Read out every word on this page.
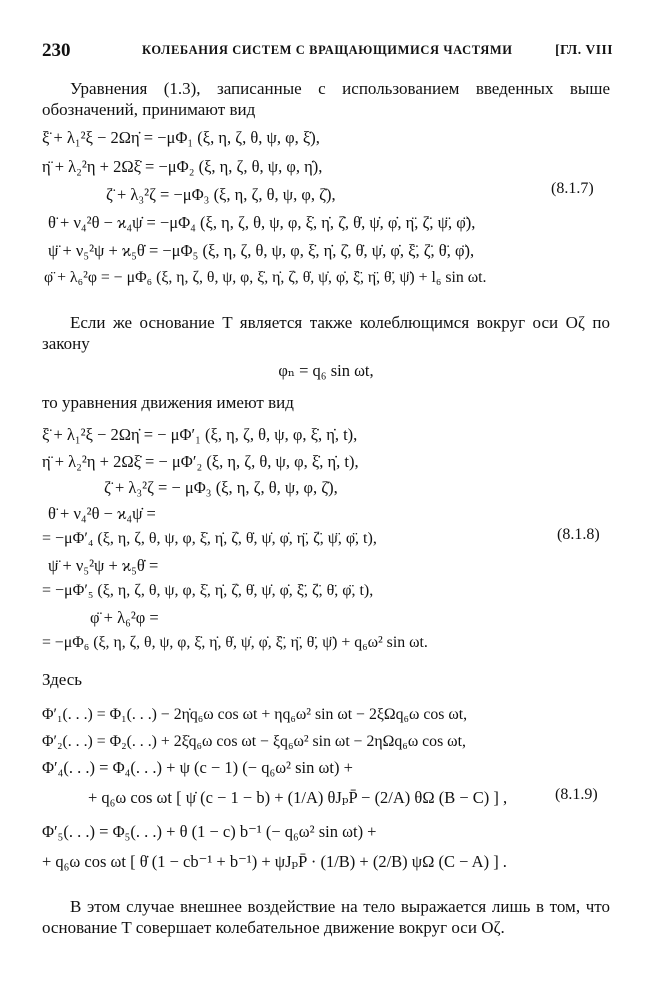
230	КОЛЕБАНИЯ СИСТЕМ С ВРАЩАЮЩИМИСЯ ЧАСТЯМИ	[ГЛ. VIII
Уравнения (1.3), записанные с использованием введенных выше обозначений, принимают вид
ξ̈ + λ₁²ξ − 2Ωη̇ = −μΦ₁ (ξ, η, ζ, θ, ψ, φ, ξ̇),
η̈ + λ₂²η + 2Ωξ̇ = −μΦ₂ (ξ, η, ζ, θ, ψ, φ, η̇),
ζ̈ + λ₃²ζ = −μΦ₃ (ξ, η, ζ, θ, ψ, φ, ζ̇),
θ̈ + ν₄²θ − ϰ₄ψ̇ = −μΦ₄ (ξ, η, ζ, θ, ψ, φ, ξ̇, η̇, ζ̇, θ̇, ψ̇, φ̇, η̈, ζ̈, ψ̈, φ̈),
ψ̈ + ν₅²ψ + ϰ₅θ̇ = −μΦ₅ (ξ, η, ζ, θ, ψ, φ, ξ̇, η̇, ζ̇, θ̇, ψ̇, φ̇, ξ̈, ζ̈, θ̈, φ̈),
φ̈ + λ₆²φ = − μΦ₆ (ξ, η, ζ, θ, ψ, φ, ξ̇, η̇, ζ̇, θ̇, ψ̇, φ̇, ξ̈, η̈, θ̈, ψ̈) + l₆ sin ωt.
(8.1.7)
Если же основание T является также колеблющимся вокруг оси Oζ по закону
φₙ = q₆ sin ωt,
то уравнения движения имеют вид
ξ̈ + λ₁²ξ − 2Ωη̇ = − μΦ′₁ (ξ, η, ζ, θ, ψ, φ, ξ̇, η̇, t),
η̈ + λ₂²η + 2Ωξ̇ = − μΦ′₂ (ξ, η, ζ, θ, ψ, φ, ξ̇, η̇, t),
ζ̈ + λ₃²ζ = − μΦ₃ (ξ, η, ζ, θ, ψ, φ, ζ̇),
θ̈ + ν₄²θ − ϰ₄ψ̇ =
= −μΦ′₄ (ξ, η, ζ, θ, ψ, φ, ξ̇, η̇, ζ̇, θ̇, ψ̇, φ̇, η̈, ζ̈, ψ̈, φ̈, t),
ψ̈ + ν₅²ψ + ϰ₅θ̇ =
= −μΦ′₅ (ξ, η, ζ, θ, ψ, φ, ξ̇, η̇, ζ̇, θ̇, ψ̇, φ̇, ξ̈, ζ̈, θ̈, φ̈, t),
φ̈ + λ₆²φ =
= −μΦ₆ (ξ, η, ζ, θ, ψ, φ, ξ̇, η̇, θ̇, ψ̇, φ̇, ξ̈, η̈, θ̈, ψ̈) + q₆ω² sin ωt.
(8.1.8)
Здесь
Φ′₁(. . .) = Φ₁(. . .) − 2η̇q₆ω cos ωt + ηq₆ω² sin ωt − 2ξΩq₆ω cos ωt,
Φ′₂(. . .) = Φ₂(. . .) + 2ξ̇q₆ω cos ωt − ξq₆ω² sin ωt − 2ηΩq₆ω cos ωt,
Φ′₄(. . .) = Φ₄(. . .) + ψ (c − 1) (− q₆ω² sin ωt) +
+ q₆ω cos ωt [ ψ̇ (c − 1 − b) + (1/A) θJₚP̄ − (2/A) θΩ (B − C) ] ,
Φ′₅(. . .) = Φ₅(. . .) + θ (1 − c) b⁻¹ (− q₆ω² sin ωt) +
+ q₆ω cos ωt [ θ̇ (1 − cb⁻¹ + b⁻¹) + ψJₚP̄ · (1/B) + (2/B) ψΩ (C − A) ] .
(8.1.9)
В этом случае внешнее воздействие на тело выражается лишь в том, что основание T совершает колебательное движение вокруг оси Oζ.
